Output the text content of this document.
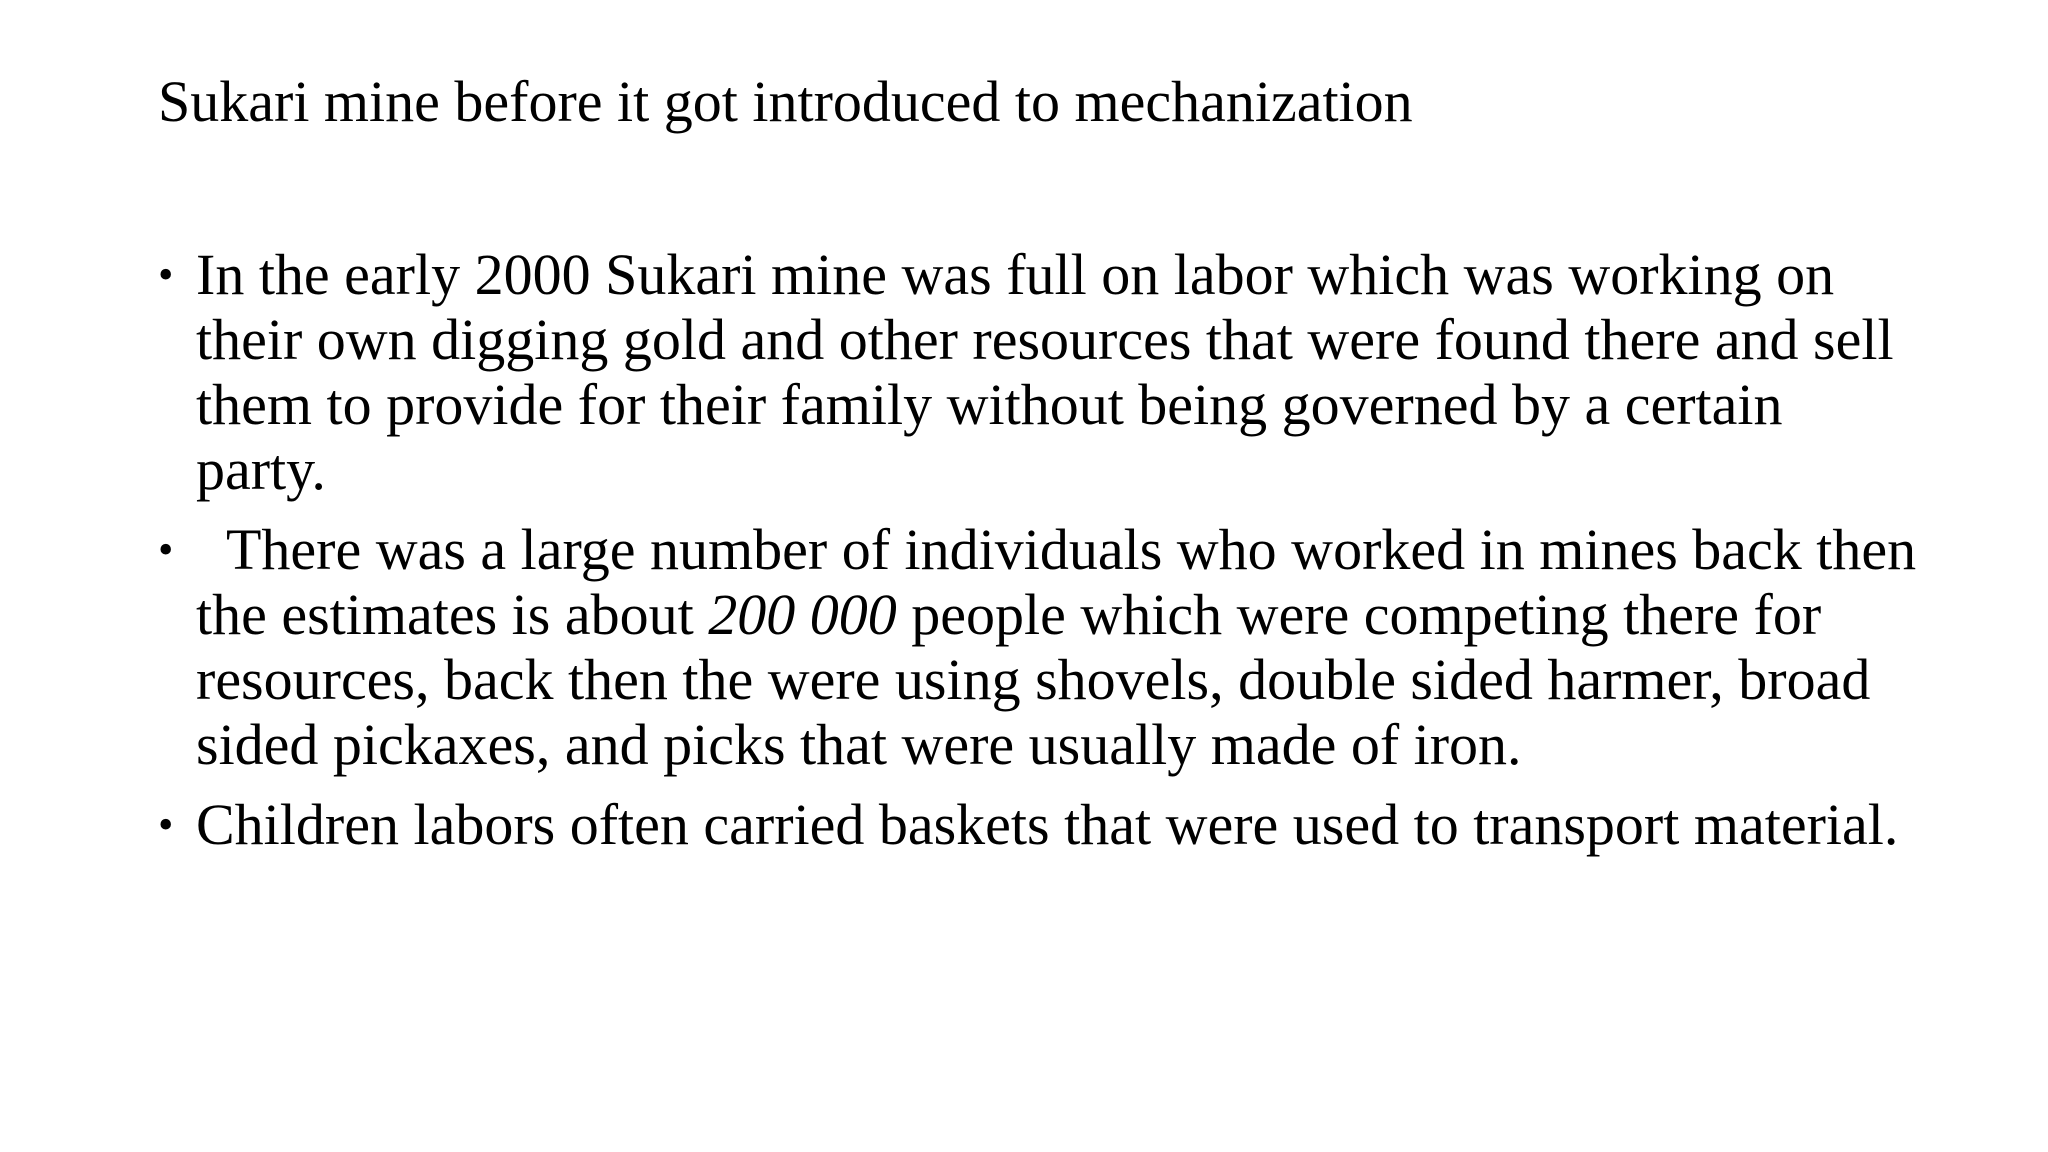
Sukari mine before it got introduced to mechanization
• In the early 2000 Sukari mine was full on labor which was working on their own digging gold and other resources that were found there and sell them to provide for their family without being governed by a certain party.
• There was a large number of individuals who worked in mines back then the estimates is about 200 000 people which were competing there for resources, back then the were using shovels, double sided harmer, broad sided pickaxes, and picks that were usually made of iron.
• Children labors often carried baskets that were used to transport material.
